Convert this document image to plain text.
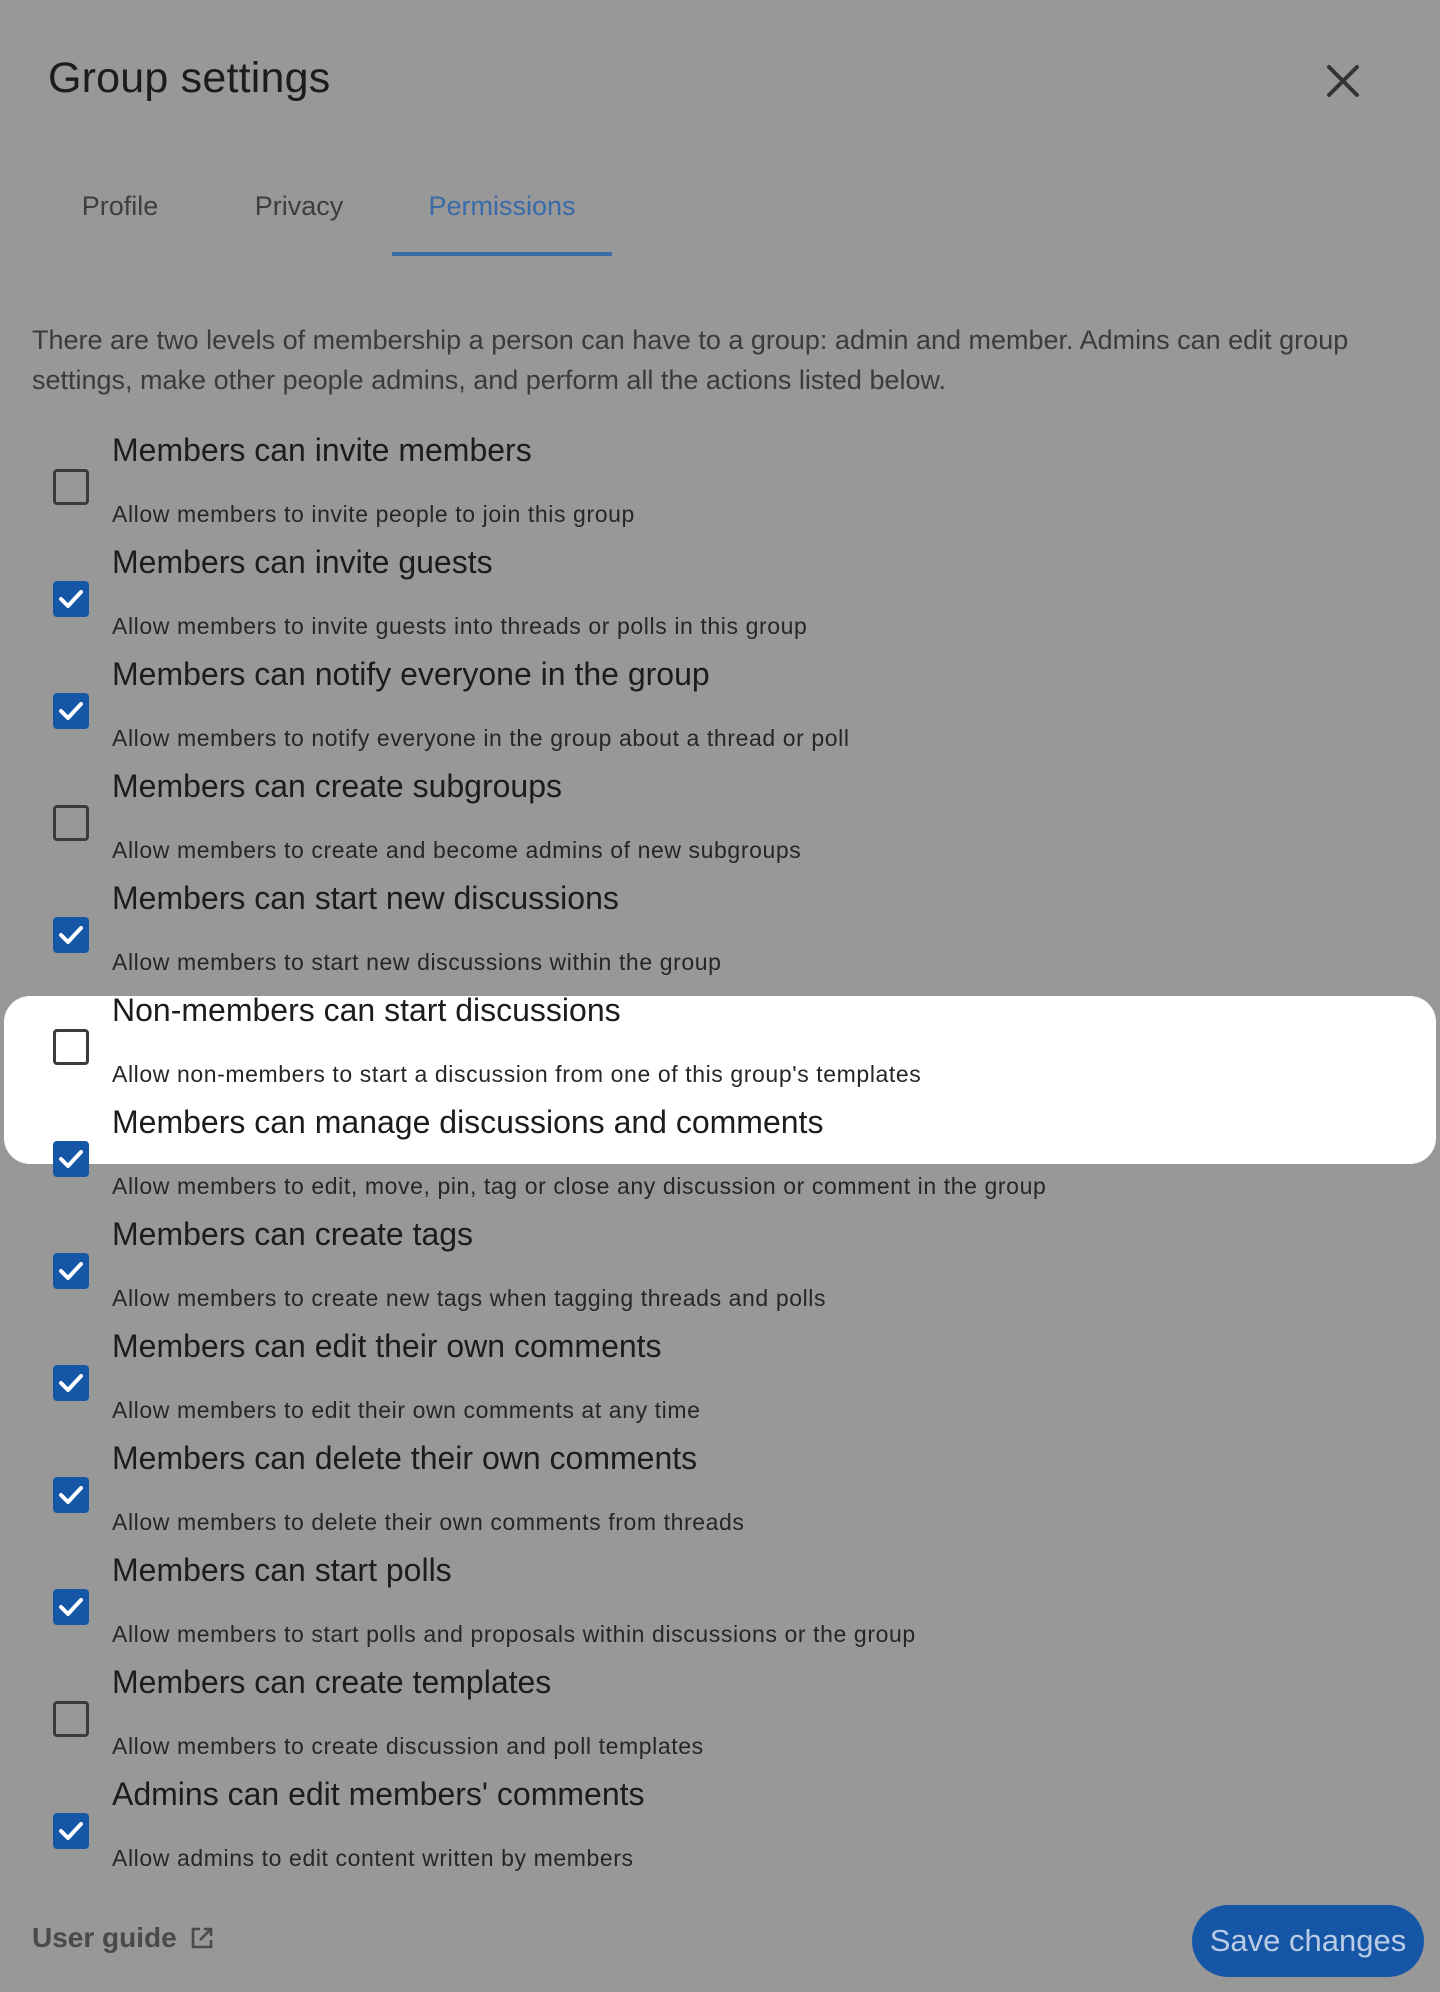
Group settings
Profile	Privacy	Permissions
There are two levels of membership a person can have to a group: admin and member. Admins can edit group settings, make other people admins, and perform all the actions listed below.
Members can invite members
Allow members to invite people to join this group
Members can invite guests
Allow members to invite guests into threads or polls in this group
Members can notify everyone in the group
Allow members to notify everyone in the group about a thread or poll
Members can create subgroups
Allow members to create and become admins of new subgroups
Members can start new discussions
Allow members to start new discussions within the group
Non-members can start discussions
Allow non-members to start a discussion from one of this group's templates
Members can manage discussions and comments
Allow members to edit, move, pin, tag or close any discussion or comment in the group
Members can create tags
Allow members to create new tags when tagging threads and polls
Members can edit their own comments
Allow members to edit their own comments at any time
Members can delete their own comments
Allow members to delete their own comments from threads
Members can start polls
Allow members to start polls and proposals within discussions or the group
Members can create templates
Allow members to create discussion and poll templates
Admins can edit members' comments
Allow admins to edit content written by members
User guide	Save changes
